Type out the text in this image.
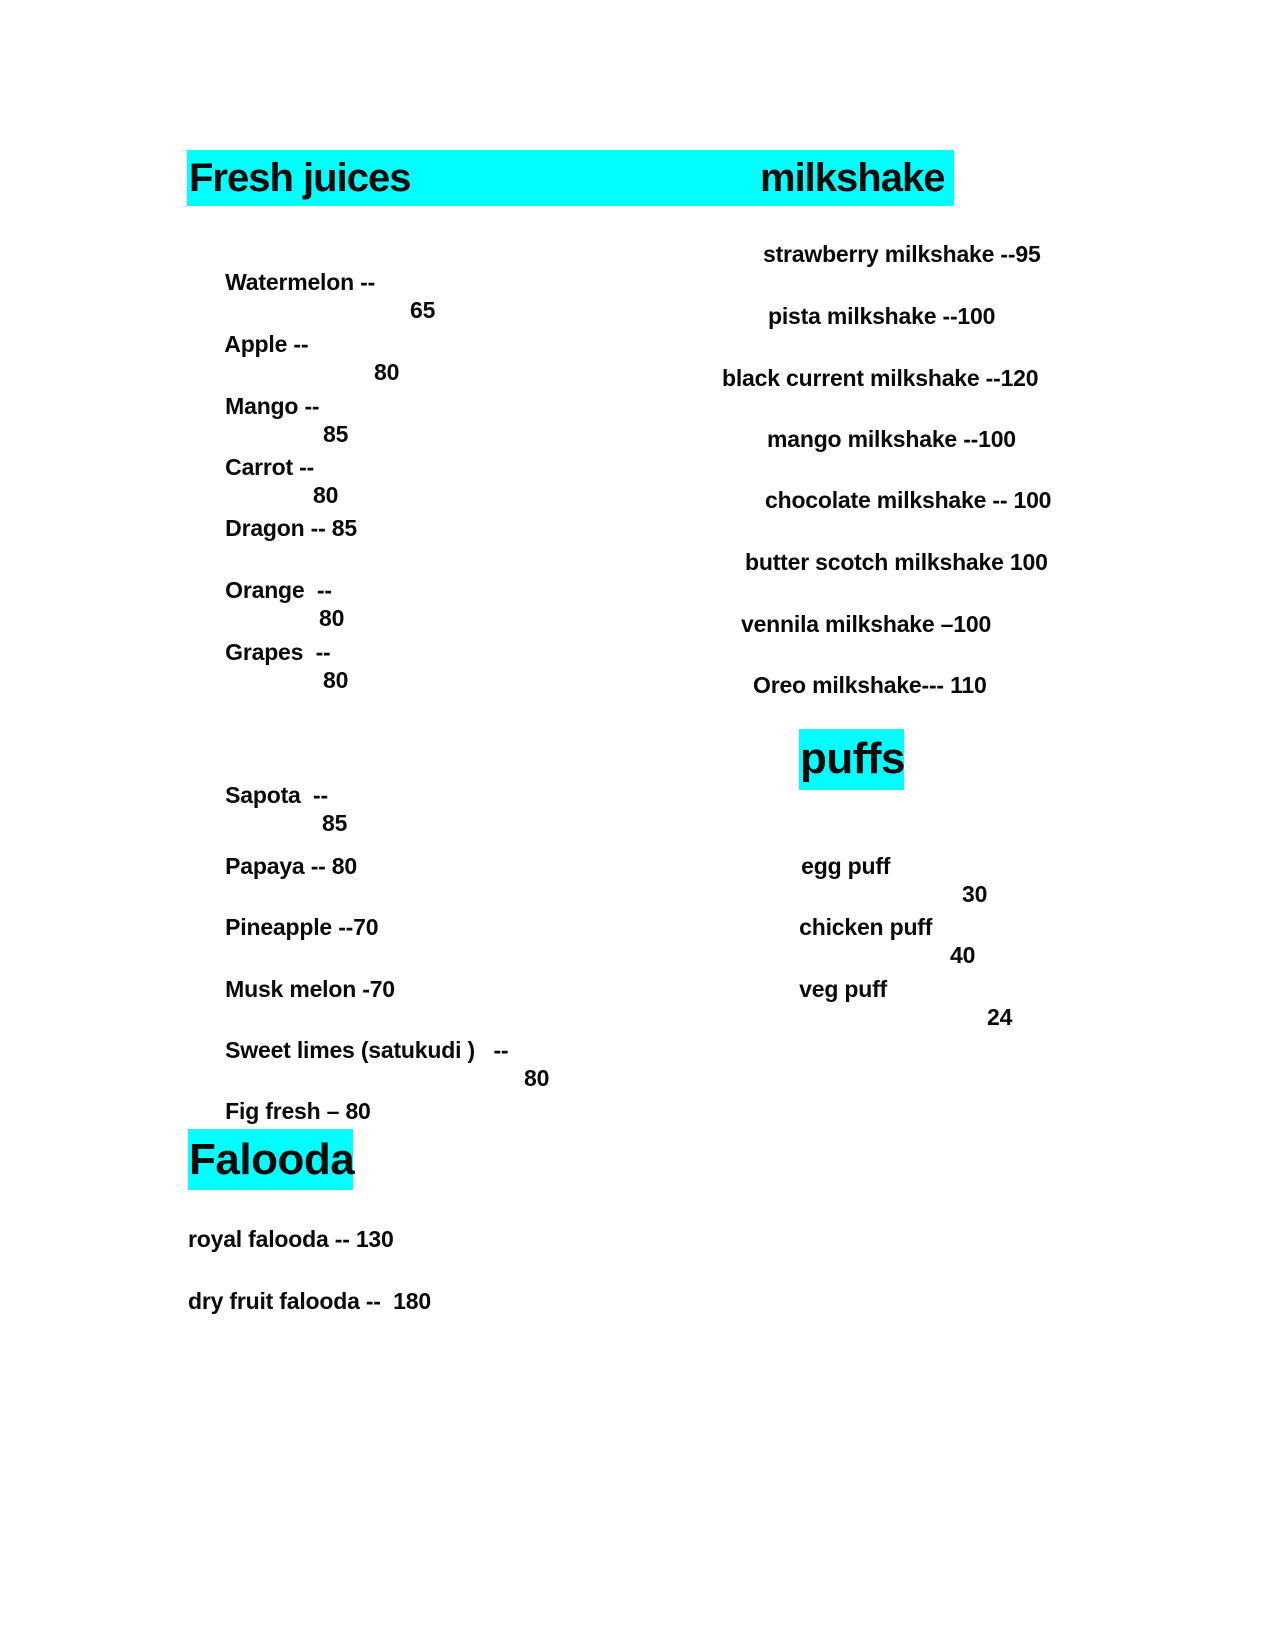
Fresh juices	milkshake

Watermelon --

65

Apple --

80

Mango --

85

Carrot --

80

Dragon -- 85

Orange  --

80

Grapes  --

80

Sapota  --

85

Papaya -- 80

Pineapple --70

Musk melon -70

Sweet limes (satukudi )   --

80

Fig fresh – 80

strawberry milkshake --95
pista milkshake --100
black current milkshake --120
mango milkshake --100
chocolate milkshake -- 100
butter scotch milkshake 100
vennila milkshake –100
Oreo milkshake--- 110
puffs

egg puff

30

chicken puff

40

veg puff

24

Falooda
royal falooda -- 130
dry fruit falooda --  180
